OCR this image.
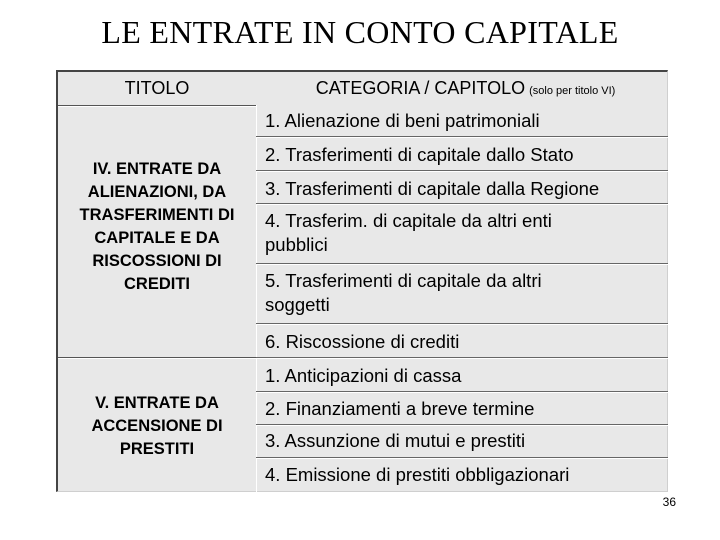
LE ENTRATE IN CONTO CAPITALE
TITOLO	CATEGORIA / CAPITOLO (solo per titolo VI)
IV. ENTRATE DA
ALIENAZIONI, DA
TRASFERIMENTI DI
CAPITALE E DA
RISCOSSIONI DI
CREDITI
V. ENTRATE DA
ACCENSIONE DI
PRESTITI
1. Alienazione di beni patrimoniali
2. Trasferimenti di capitale dallo Stato
3. Trasferimenti di capitale dalla Regione
4. Trasferim. di capitale da altri enti
pubblici
5. Trasferimenti di capitale da altri
soggetti
6. Riscossione di crediti
1. Anticipazioni di cassa
2. Finanziamenti a breve termine
3. Assunzione di mutui e prestiti
4. Emissione di prestiti obbligazionari
36
